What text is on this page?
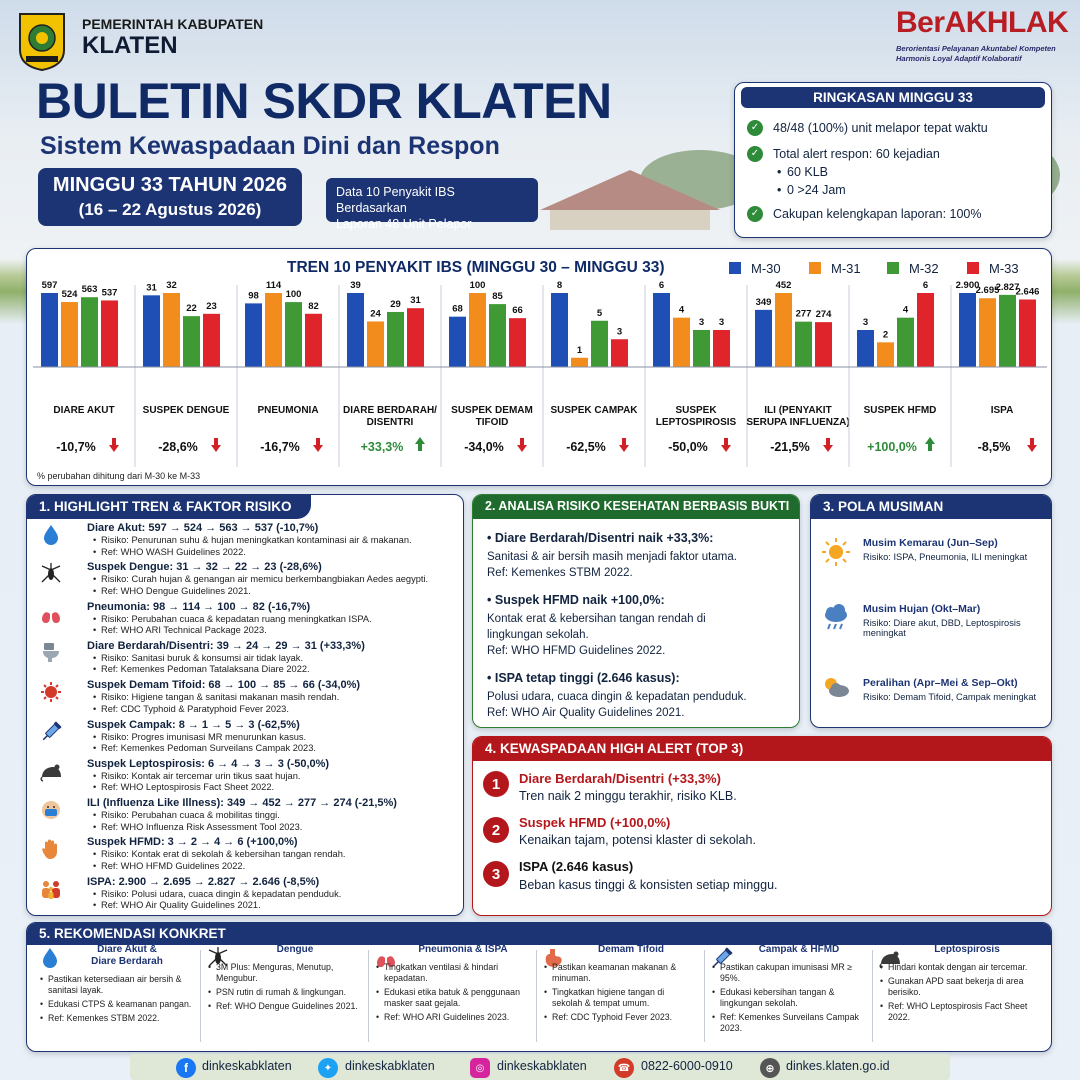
PEMERINTAH KABUPATEN
KLATEN
BerAKHLAK
Berorientasi Pelayanan Akuntabel Kompeten
Harmonis Loyal Adaptif Kolaboratif
BULETIN SKDR KLATEN
Sistem Kewaspadaan Dini dan Respon
MINGGU 33 TAHUN 2026
(16 – 22 Agustus 2026)
Data 10 Penyakit IBS Berdasarkan
Laporan 48 Unit Pelapor
RINGKASAN MINGGU 33
✓	48/48 (100%) unit melapor tepat waktu
✓	Total alert respon: 60 kejadian
• 60 KLB
• 0 >24 Jam
✓	Cakupan kelengkapan laporan: 100%
TREN 10 PENYAKIT IBS (MINGGU 30 – MINGGU 33)	M-30	M-31	M-32	M-33
597
524 563 537
DIARE AKUT
-10,7%
31 32
22 23
SUSPEK DENGUE
-28,6%
98
114
100
82
PNEUMONIA
-16,7%
39
24
29 31
DIARE BERDARAH/
DISENTRI
+33,3%
68
100
85
66
SUSPEK DEMAM
TIFOID
-34,0%
8
1
5
3
SUSPEK CAMPAK
-62,5%
6
4
3 3
SUSPEK
LEPTOSPIROSIS
-50,0%
349
452
277 274
ILI (PENYAKIT
SERUPA INFLUENZA)
-21,5%
3
2
4
6
SUSPEK HFMD
+100,0%
2.900
2.695
2.827
2.646
ISPA
-8,5%
% perubahan dihitung dari M-30 ke M-33
1. HIGHLIGHT TREN & FAKTOR RISIKO
Diare Akut: 597 → 524 → 563 → 537 (-10,7%)
• Risiko: Penurunan suhu & hujan meningkatkan kontaminasi air & makanan.
• Ref: WHO WASH Guidelines 2022.
Suspek Dengue: 31 → 32 → 22 → 23 (-28,6%)
• Risiko: Curah hujan & genangan air memicu berkembangbiakan Aedes aegypti.
• Ref: WHO Dengue Guidelines 2021.
Pneumonia: 98 → 114 → 100 → 82 (-16,7%)
• Risiko: Perubahan cuaca & kepadatan ruang meningkatkan ISPA.
• Ref: WHO ARI Technical Package 2023.
Diare Berdarah/Disentri: 39 → 24 → 29 → 31 (+33,3%)
• Risiko: Sanitasi buruk & konsumsi air tidak layak.
• Ref: Kemenkes Pedoman Tatalaksana Diare 2022.
Suspek Demam Tifoid: 68 → 100 → 85 → 66 (-34,0%)
• Risiko: Higiene tangan & sanitasi makanan masih rendah.
• Ref: CDC Typhoid & Paratyphoid Fever 2023.
Suspek Campak: 8 → 1 → 5 → 3 (-62,5%)
• Risiko: Progres imunisasi MR menurunkan kasus.
• Ref: Kemenkes Pedoman Surveilans Campak 2023.
Suspek Leptospirosis: 6 → 4 → 3 → 3 (-50,0%)
• Risiko: Kontak air tercemar urin tikus saat hujan.
• Ref: WHO Leptospirosis Fact Sheet 2022.
ILI (Influenza Like Illness): 349 → 452 → 277 → 274 (-21,5%)
• Risiko: Perubahan cuaca & mobilitas tinggi.
• Ref: WHO Influenza Risk Assessment Tool 2023.
Suspek HFMD: 3 → 2 → 4 → 6 (+100,0%)
• Risiko: Kontak erat di sekolah & kebersihan tangan rendah.
• Ref: WHO HFMD Guidelines 2022.
ISPA: 2.900 → 2.695 → 2.827 → 2.646 (-8,5%)
• Risiko: Polusi udara, cuaca dingin & kepadatan penduduk.
• Ref: WHO Air Quality Guidelines 2021.
2. ANALISA RISIKO KESEHATAN BERBASIS BUKTI
• Diare Berdarah/Disentri naik +33,3%:
Sanitasi & air bersih masih menjadi faktor utama.
Ref: Kemenkes STBM 2022.
• Suspek HFMD naik +100,0%:
Kontak erat & kebersihan tangan rendah di
lingkungan sekolah.
Ref: WHO HFMD Guidelines 2022.
• ISPA tetap tinggi (2.646 kasus):
Polusi udara, cuaca dingin & kepadatan penduduk.
Ref: WHO Air Quality Guidelines 2021.
3. POLA MUSIMAN
Musim Kemarau (Jun–Sep)
Risiko: ISPA, Pneumonia, ILI meningkat
Musim Hujan (Okt–Mar)
Risiko: Diare akut, DBD, Leptospirosis
meningkat
Peralihan (Apr–Mei & Sep–Okt)
Risiko: Demam Tifoid, Campak meningkat
4. KEWASPADAAN HIGH ALERT (TOP 3)
1	Diare Berdarah/Disentri (+33,3%)
Tren naik 2 minggu terakhir, risiko KLB.
2	Suspek HFMD (+100,0%)
Kenaikan tajam, potensi klaster di sekolah.
3	ISPA (2.646 kasus)
Beban kasus tinggi & konsisten setiap minggu.
5. REKOMENDASI KONKRET
Diare Akut &
Diare Berdarah
• Pastikan ketersediaan air bersih & sanitasi layak.
• Edukasi CTPS & keamanan pangan.
• Ref: Kemenkes STBM 2022.
Dengue
• 3M Plus: Menguras, Menutup, Mengubur.
• PSN rutin di rumah & lingkungan.
• Ref: WHO Dengue Guidelines 2021.
Pneumonia & ISPA
• Tingkatkan ventilasi & hindari kepadatan.
• Edukasi etika batuk & penggunaan masker saat gejala.
• Ref: WHO ARI Guidelines 2023.
Demam Tifoid
• Pastikan keamanan makanan & minuman.
• Tingkatkan higiene tangan di sekolah & tempat umum.
• Ref: CDC Typhoid Fever 2023.
Campak & HFMD
• Pastikan cakupan imunisasi MR ≥ 95%.
• Edukasi kebersihan tangan & lingkungan sekolah.
• Ref: Kemenkes Surveilans Campak 2023.
Leptospirosis
• Hindari kontak dengan air tercemar.
• Gunakan APD saat bekerja di area berisiko.
• Ref: WHO Leptospirosis Fact Sheet 2022.
f	dinkeskabklaten	✦	dinkeskabklaten	◎	dinkeskabklaten	☎ 0822-6000-0910	⊕ dinkes.klaten.go.id
